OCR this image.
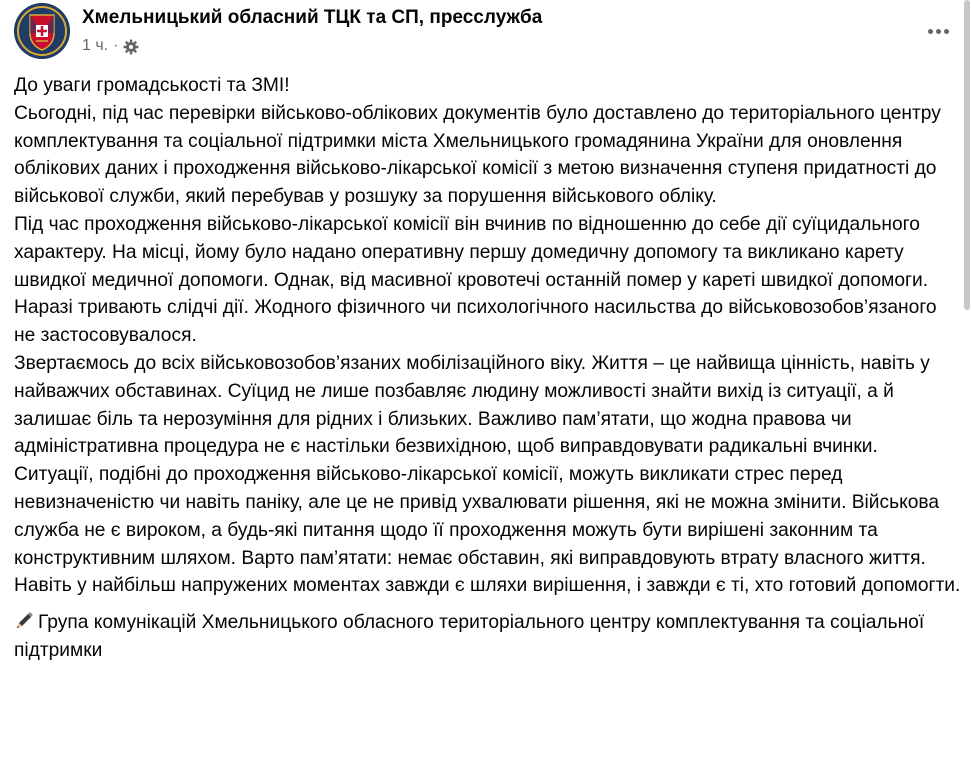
Хмельницький обласний ТЦК та СП, пресслужба
1 ч. ·

До уваги громадськості та ЗМІ!

Сьогодні, під час перевірки військово-облікових документів було доставлено до територіального центру комплектування та соціальної підтримки міста Хмельницького громадянина України для оновлення облікових даних і проходження військово-лікарської комісії з метою визначення ступеня придатності до військової служби, який перебував у розшуку за порушення військового обліку.

Під час проходження військово-лікарської комісії він вчинив по відношенню до себе дії суїцидального характеру. На місці, йому було надано оперативну першу домедичну допомогу та викликано карету швидкої медичної допомоги. Однак, від масивної кровотечі останній помер у кареті швидкої допомоги. Наразі тривають слідчі дії. Жодного фізичного чи психологічного насильства до військовозобов’язаного не застосовувалося.

Звертаємось до всіх військовозобов’язаних мобілізаційного віку. Життя – це найвища цінність, навіть у найважчих обставинах. Суїцид не лише позбавляє людину можливості знайти вихід із ситуації, а й залишає біль та нерозуміння для рідних і близьких. Важливо пам’ятати, що жодна правова чи адміністративна процедура не є настільки безвихідною, щоб виправдовувати радикальні вчинки.

Ситуації, подібні до проходження військово-лікарської комісії, можуть викликати стрес перед невизначеністю чи навіть паніку, але це не привід ухвалювати рішення, які не можна змінити. Військова служба не є вироком, а будь-які питання щодо її проходження можуть бути вирішені законним та конструктивним шляхом. Варто пам’ятати: немає обставин, які виправдовують втрату власного життя. Навіть у найбільш напружених моментах завжди є шляхи вирішення, і завжди є ті, хто готовий допомогти.

Група комунікацій Хмельницького обласного територіального центру комплектування та соціальної підтримки
